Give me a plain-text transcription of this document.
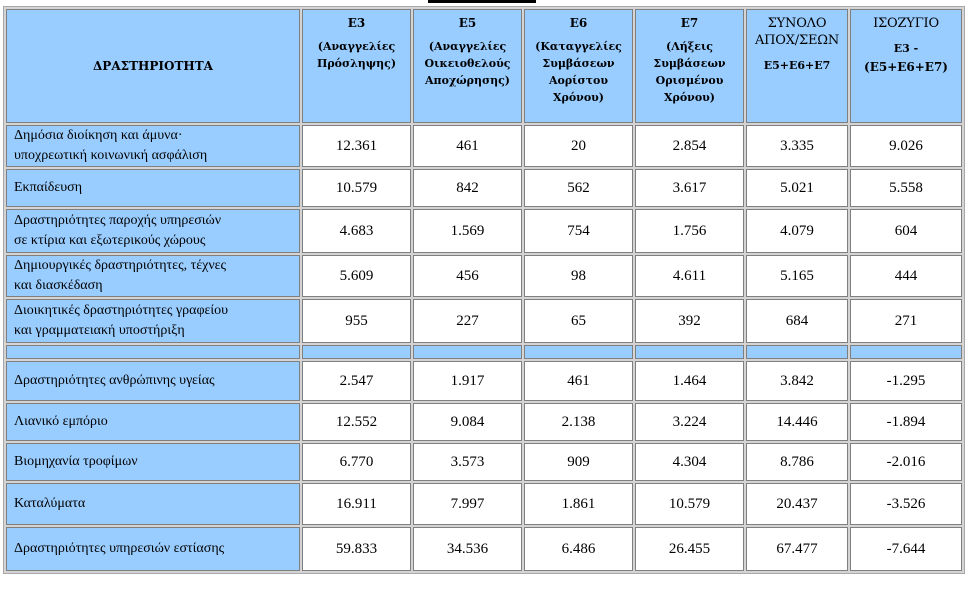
ΔΡΑΣΤΗΡΙΟΤΗΤΑ	E3
(Αναγγελίες
Πρόσληψης)	E5
(Αναγγελίες
Οικειοθελούς
Αποχώρησης)	E6
(Καταγγελίες
Συμβάσεων
Αορίστου
Χρόνου)	E7
(Λήξεις
Συμβάσεων
Ορισμένου
Χρόνου)	ΣΥΝΟΛΟ
ΑΠΟΧ/ΣΕΩΝ
E5+E6+E7	ΙΣΟΖΥΓΙΟ
E3 -
(E5+E6+E7)

Δημόσια διοίκηση και άμυνα·
υποχρεωτική κοινωνική ασφάλιση	12.361	461	20	2.854	3.335	9.026

Εκπαίδευση	10.579	842	562	3.617	5.021	5.558

Δραστηριότητες παροχής υπηρεσιών
σε κτίρια και εξωτερικούς χώρους	4.683	1.569	754	1.756	4.079	604

Δημιουργικές δραστηριότητες, τέχνες
και διασκέδαση	5.609	456	98	4.611	5.165	444

Διοικητικές δραστηριότητες γραφείου
και γραμματειακή υποστήριξη	955	227	65	392	684	271

Δραστηριότητες ανθρώπινης υγείας	2.547	1.917	461	1.464	3.842	-1.295

Λιανικό εμπόριο	12.552	9.084	2.138	3.224	14.446	-1.894

Βιομηχανία τροφίμων	6.770	3.573	909	4.304	8.786	-2.016

Καταλύματα	16.911	7.997	1.861	10.579	20.437	-3.526

Δραστηριότητες υπηρεσιών εστίασης	59.833	34.536	6.486	26.455	67.477	-7.644
